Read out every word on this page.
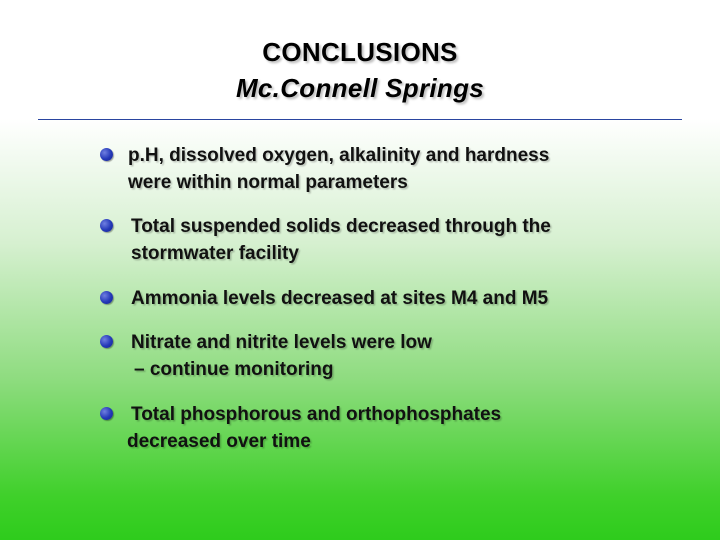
CONCLUSIONS
Mc.Connell Springs
p.H, dissolved oxygen, alkalinity and hardness
were within normal parameters
Total suspended solids decreased through the
stormwater facility
Ammonia levels decreased at sites M4 and M5
Nitrate and nitrite levels were low
– continue monitoring
Total phosphorous and orthophosphates
decreased over time
